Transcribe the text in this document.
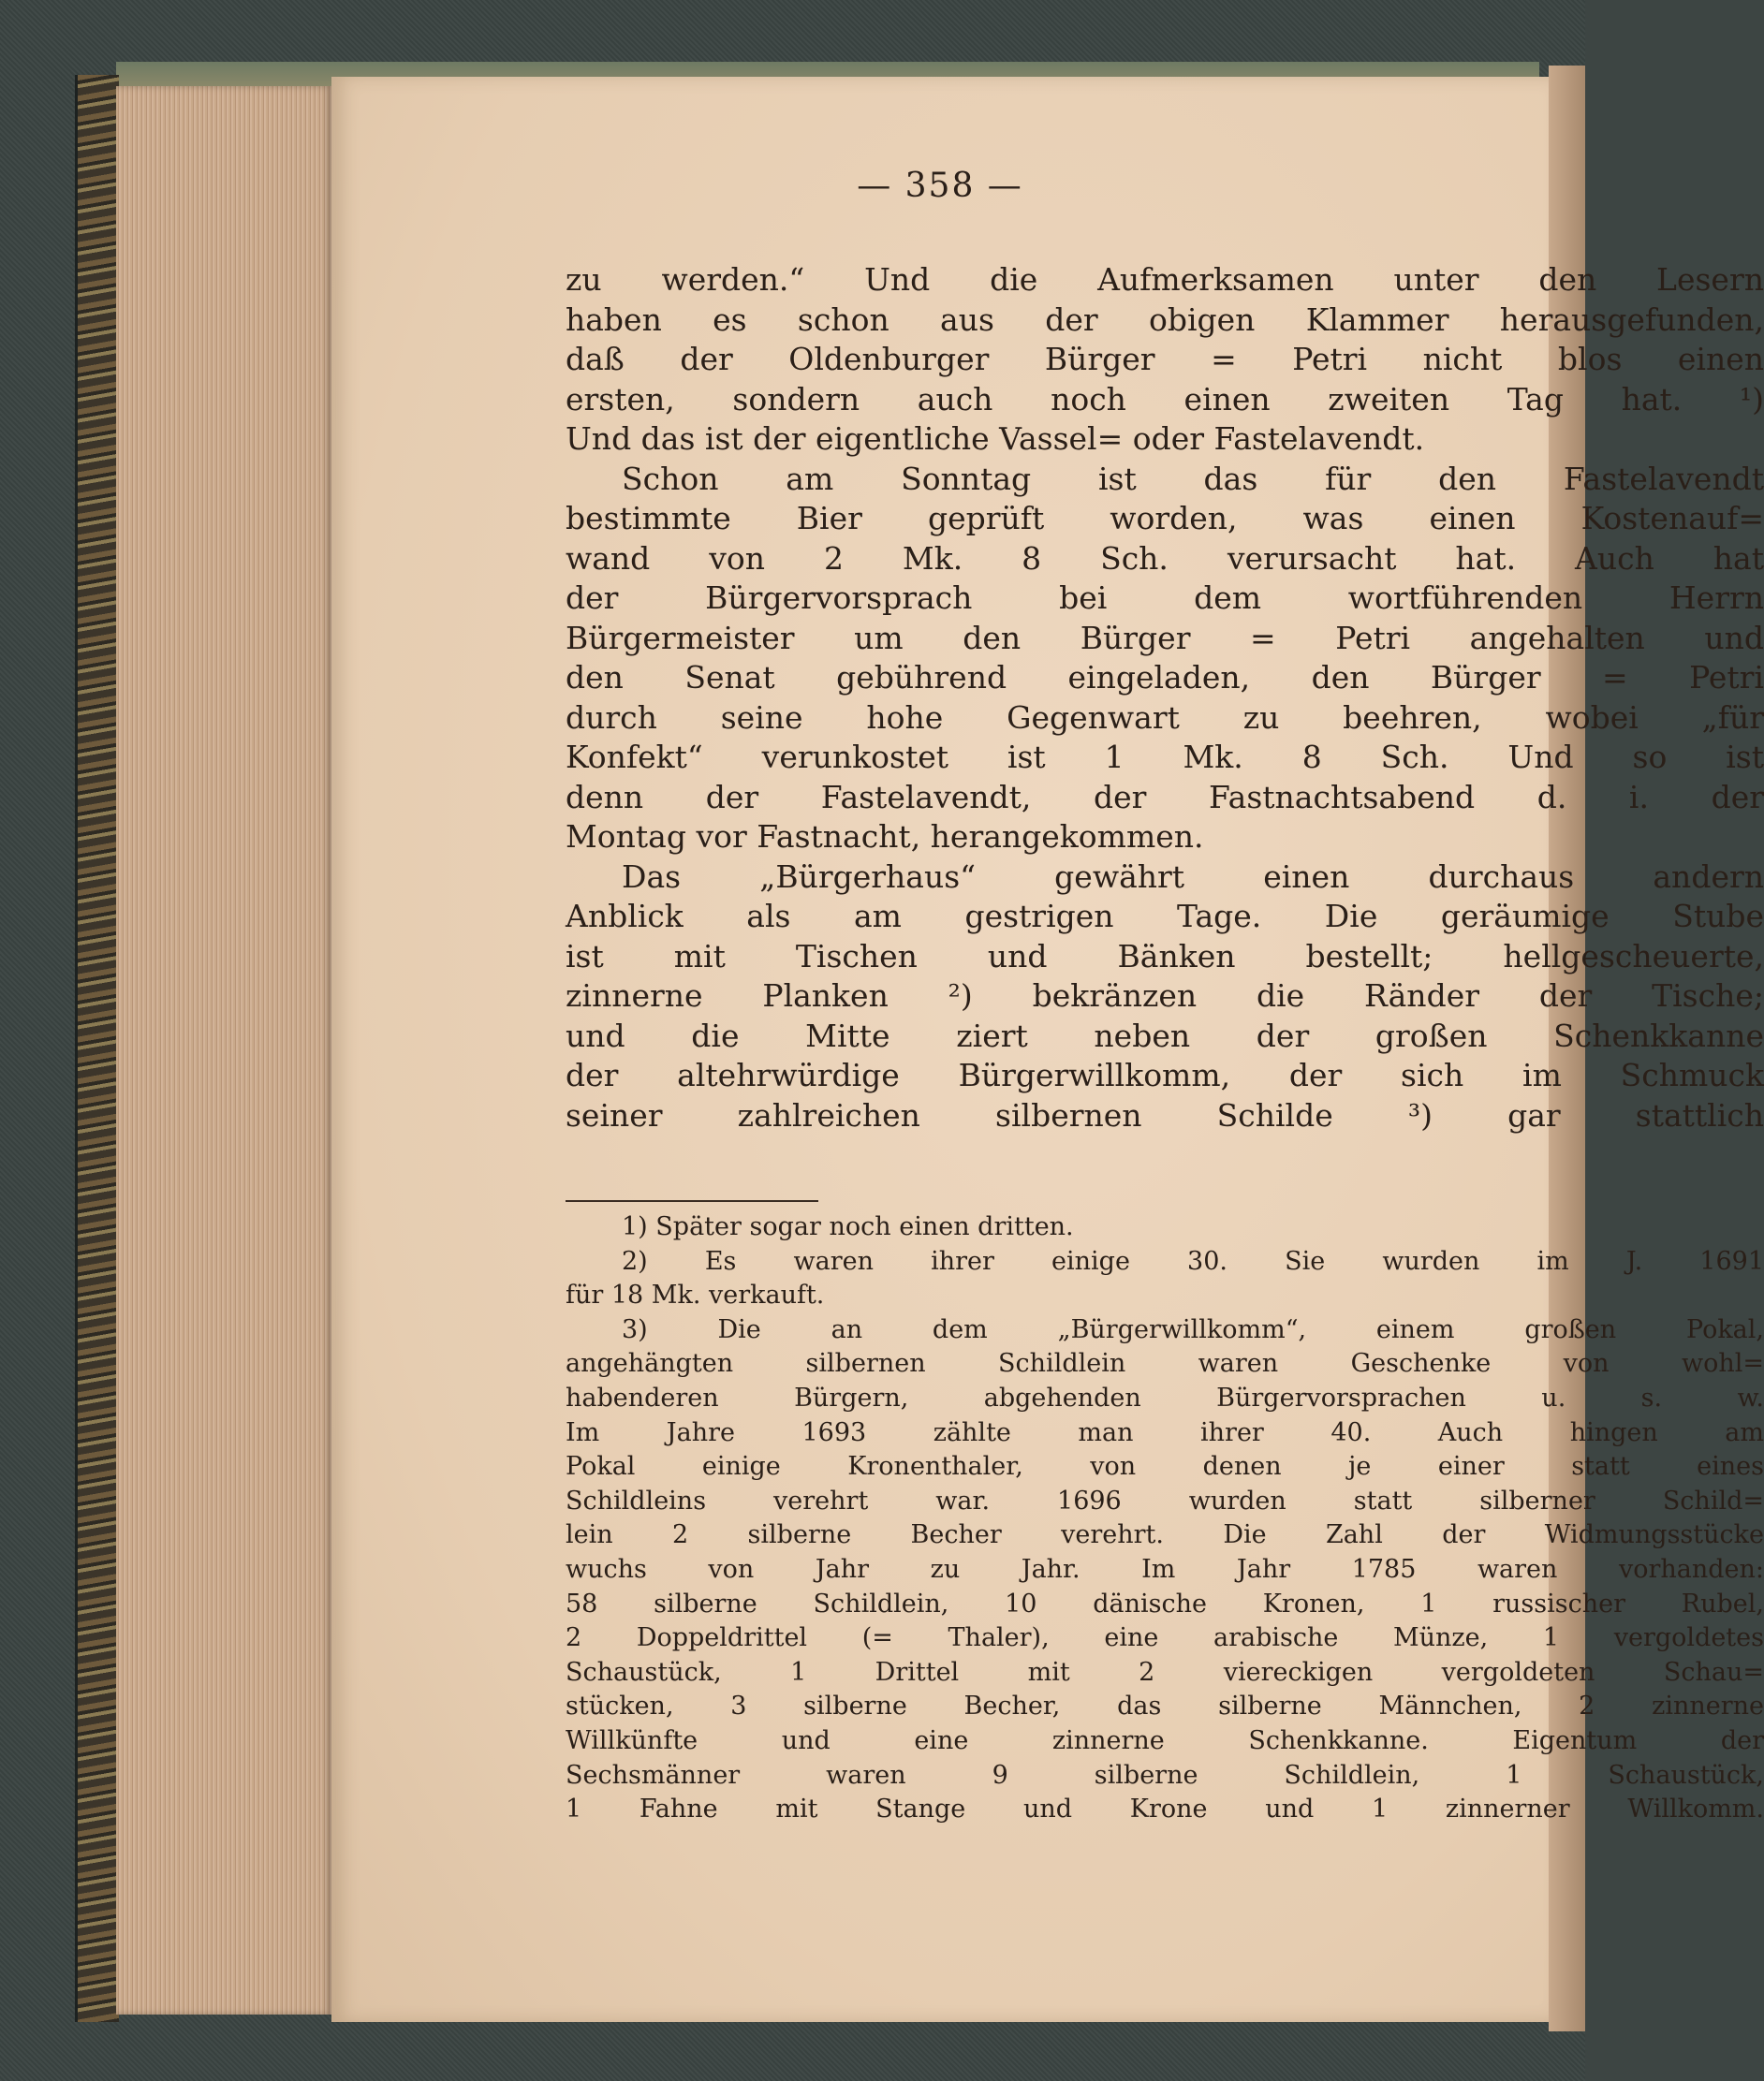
— 358 —

zu werden.“ Und die Aufmerksamen unter den Lesern
haben es schon aus der obigen Klammer herausgefunden,
daß der Oldenburger Bürger = Petri nicht blos einen
ersten, sondern auch noch einen zweiten Tag hat. ¹)
Und das ist der eigentliche Vassel= oder Fastelavendt.

Schon am Sonntag ist das für den Fastelavendt
bestimmte Bier geprüft worden, was einen Kostenauf=
wand von 2 Mk. 8 Sch. verursacht hat. Auch hat
der Bürgervorsprach bei dem wortführenden Herrn
Bürgermeister um den Bürger = Petri angehalten und
den Senat gebührend eingeladen, den Bürger = Petri
durch seine hohe Gegenwart zu beehren, wobei „für
Konfekt“ verunkostet ist 1 Mk. 8 Sch. Und so ist
denn der Fastelavendt, der Fastnachtsabend d. i. der
Montag vor Fastnacht, herangekommen.

Das „Bürgerhaus“ gewährt einen durchaus andern
Anblick als am gestrigen Tage. Die geräumige Stube
ist mit Tischen und Bänken bestellt; hellgescheuerte,
zinnerne Planken ²) bekränzen die Ränder der Tische;
und die Mitte ziert neben der großen Schenkkanne
der altehrwürdige Bürgerwillkomm, der sich im Schmuck
seiner zahlreichen silbernen Schilde ³) gar stattlich

1) Später sogar noch einen dritten.
2) Es waren ihrer einige 30. Sie wurden im J. 1691
für 18 Mk. verkauft.
3) Die an dem „Bürgerwillkomm“, einem großen Pokal,
angehängten silbernen Schildlein waren Geschenke von wohl=
habenderen Bürgern, abgehenden Bürgervorsprachen u. s. w.
Im Jahre 1693 zählte man ihrer 40. Auch hingen am
Pokal einige Kronenthaler, von denen je einer statt eines
Schildleins verehrt war. 1696 wurden statt silberner Schild=
lein 2 silberne Becher verehrt. Die Zahl der Widmungsstücke
wuchs von Jahr zu Jahr. Im Jahr 1785 waren vorhanden:
58 silberne Schildlein, 10 dänische Kronen, 1 russischer Rubel,
2 Doppeldrittel (= Thaler), eine arabische Münze, 1 vergoldetes
Schaustück, 1 Drittel mit 2 viereckigen vergoldeten Schau=
stücken, 3 silberne Becher, das silberne Männchen, 2 zinnerne
Willkünfte und eine zinnerne Schenkkanne. Eigentum der
Sechsmänner waren 9 silberne Schildlein, 1 Schaustück,
1 Fahne mit Stange und Krone und 1 zinnerner Willkomm.
